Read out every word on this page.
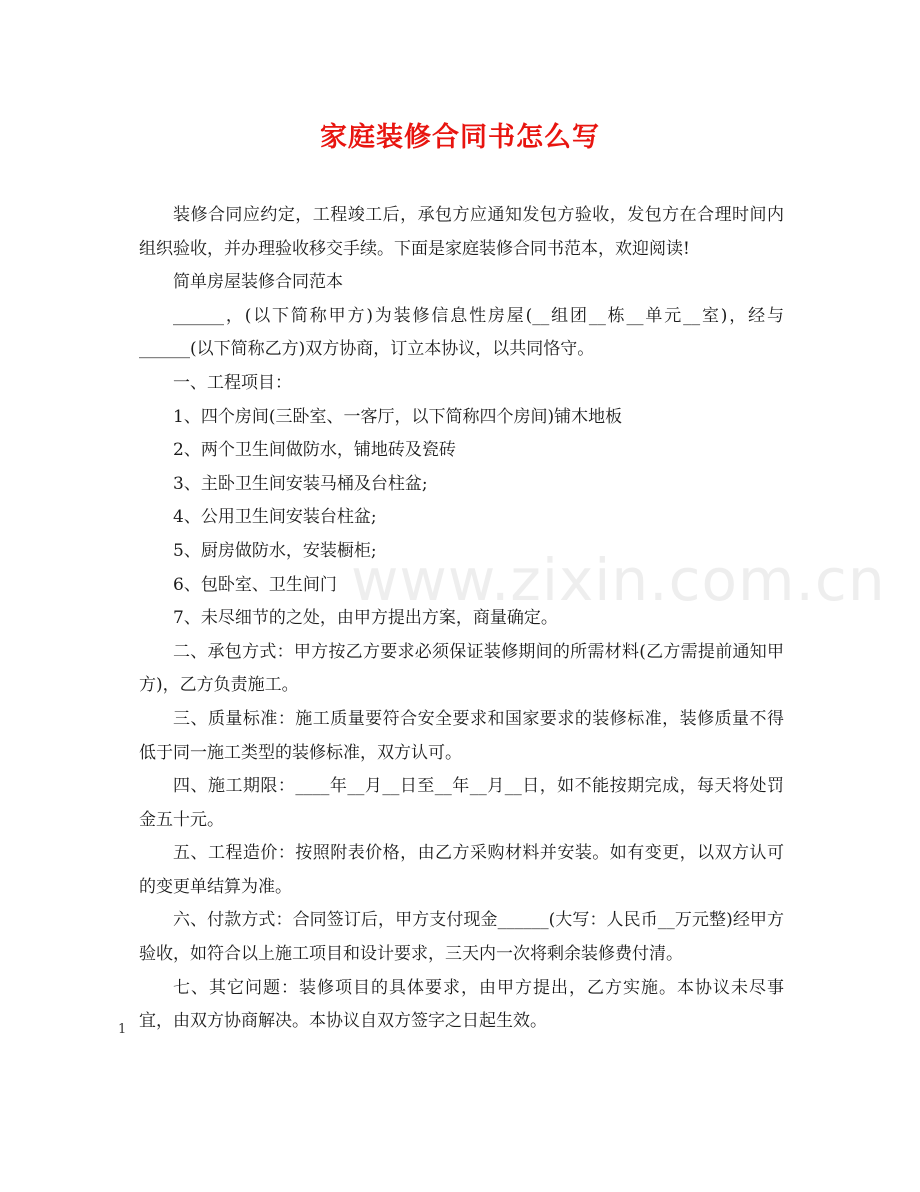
家庭装修合同书怎么写

装修合同应约定，工程竣工后，承包方应通知发包方验收，发包方在合理时间内组织验收，并办理验收移交手续。下面是家庭装修合同书范本，欢迎阅读!

简单房屋装修合同范本

______，(以下简称甲方)为装修信息性房屋(__组团__栋__单元__室)，经与______(以下简称乙方)双方协商，订立本协议，以共同恪守。

一、工程项目：

1、四个房间(三卧室、一客厅，以下简称四个房间)铺木地板

2、两个卫生间做防水，铺地砖及瓷砖

3、主卧卫生间安装马桶及台柱盆;

4、公用卫生间安装台柱盆;

5、厨房做防水，安装橱柜;

6、包卧室、卫生间门

7、未尽细节的之处，由甲方提出方案，商量确定。

二、承包方式：甲方按乙方要求必须保证装修期间的所需材料(乙方需提前通知甲方)，乙方负责施工。

三、质量标准：施工质量要符合安全要求和国家要求的装修标准，装修质量不得低于同一施工类型的装修标准，双方认可。

四、施工期限：____年__月__日至__年__月__日，如不能按期完成，每天将处罚金五十元。

五、工程造价：按照附表价格，由乙方采购材料并安装。如有变更，以双方认可的变更单结算为准。

六、付款方式：合同签订后，甲方支付现金______(大写：人民币__万元整)经甲方验收，如符合以上施工项目和设计要求，三天内一次将剩余装修费付清。

七、其它问题：装修项目的具体要求，由甲方提出，乙方实施。本协议未尽事宜，由双方协商解决。本协议自双方签字之日起生效。

www.zixin.com.cn
1
